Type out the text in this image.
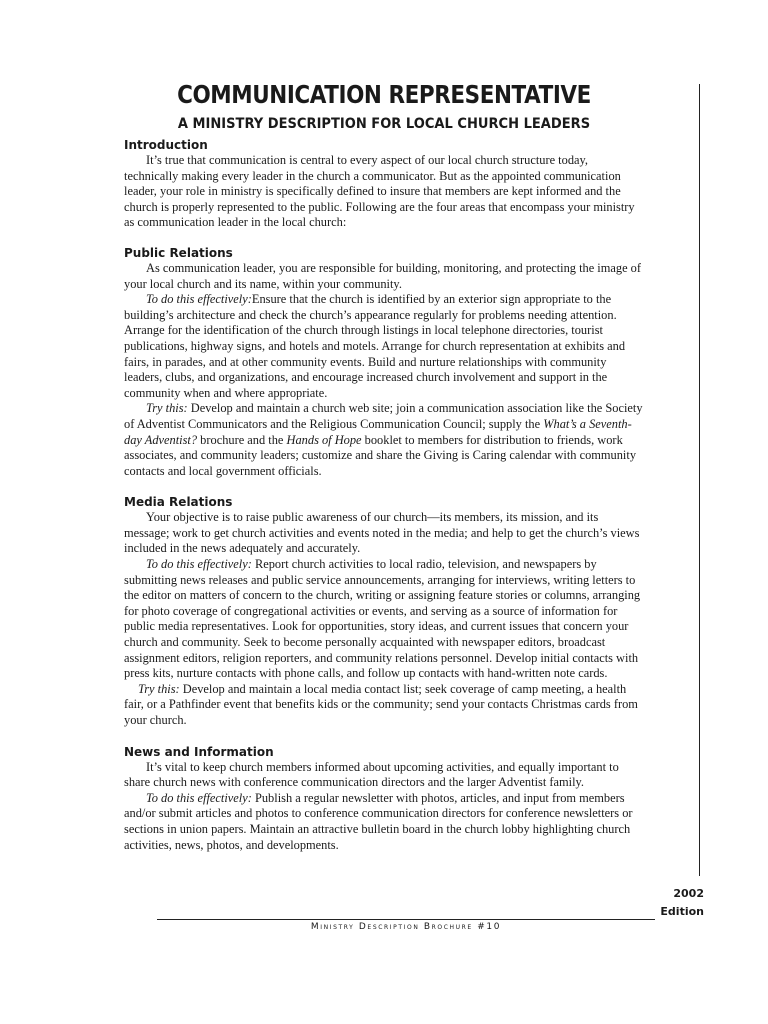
COMMUNICATION REPRESENTATIVE
A MINISTRY DESCRIPTION FOR LOCAL CHURCH LEADERS
Introduction

It’s true that communication is central to every aspect of our local church structure today, technically making every leader in the church a communicator. But as the appointed communication leader, your role in ministry is specifically defined to insure that members are kept informed and the church is properly represented to the public. Following are the four areas that encompass your ministry as communication leader in the local church:

Public Relations

As communication leader, you are responsible for building, monitoring, and protecting the image of your local church and its name, within your community.

To do this effectively:Ensure that the church is identified by an exterior sign appropriate to the building’s architecture and check the church’s appearance regularly for problems needing attention. Arrange for the identification of the church through listings in local telephone directories, tourist publications, highway signs, and hotels and motels. Arrange for church representation at exhibits and fairs, in parades, and at other community events. Build and nurture relationships with community leaders, clubs, and organizations, and encourage increased church involvement and support in the community when and where appropriate.

Try this: Develop and maintain a church web site; join a communication association like the Society of Adventist Communicators and the Religious Communication Council; supply the What’s a Seventh-day Adventist? brochure and the Hands of Hope booklet to members for distribution to friends, work associates, and community leaders; customize and share the Giving is Caring calendar with community contacts and local government officials.

Media Relations

Your objective is to raise public awareness of our church—its members, its mission, and its message; work to get church activities and events noted in the media; and help to get the church’s views included in the news adequately and accurately.

To do this effectively: Report church activities to local radio, television, and newspapers by submitting news releases and public service announcements, arranging for interviews, writing letters to the editor on matters of concern to the church, writing or assigning feature stories or columns, arranging for photo coverage of congregational activities or events, and serving as a source of information for public media representatives. Look for opportunities, story ideas, and current issues that concern your church and community. Seek to become personally acquainted with newspaper editors, broadcast assignment editors, religion reporters, and community relations personnel. Develop initial contacts with press kits, nurture contacts with phone calls, and follow up contacts with hand-written note cards.

Try this: Develop and maintain a local media contact list; seek coverage of camp meeting, a health fair, or a Pathfinder event that benefits kids or the community; send your contacts Christmas cards from your church.

News and Information

It’s vital to keep church members informed about upcoming activities, and equally important to share church news with conference communication directors and the larger Adventist family.

To do this effectively: Publish a regular newsletter with photos, articles, and input from members and/or submit articles and photos to conference communication directors for conference newsletters or sections in union papers. Maintain an attractive bulletin board in the church lobby highlighting church activities, news, photos, and developments.

2002
Edition
Ministry Description Brochure #10
